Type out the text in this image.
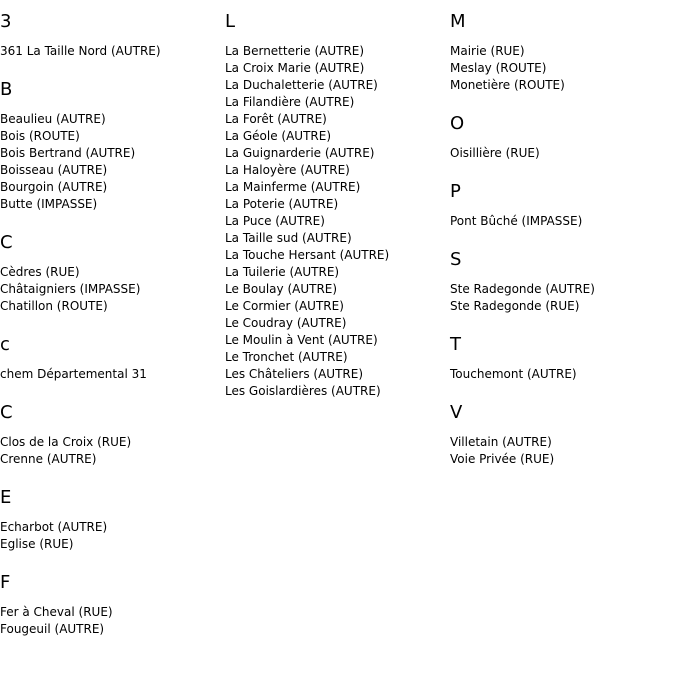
3
361 La Taille Nord (AUTRE)
B
Beaulieu (AUTRE)
Bois (ROUTE)
Bois Bertrand (AUTRE)
Boisseau (AUTRE)
Bourgoin (AUTRE)
Butte (IMPASSE)
C
Cèdres (RUE)
Châtaigniers (IMPASSE)
Chatillon (ROUTE)
c
chem Départemental 31
C
Clos de la Croix (RUE)
Crenne (AUTRE)
E
Echarbot (AUTRE)
Eglise (RUE)
F
Fer à Cheval (RUE)
Fougeuil (AUTRE)
L
La Bernetterie (AUTRE)
La Croix Marie (AUTRE)
La Duchaletterie (AUTRE)
La Filandière (AUTRE)
La Forêt (AUTRE)
La Géole (AUTRE)
La Guignarderie (AUTRE)
La Haloyère (AUTRE)
La Mainferme (AUTRE)
La Poterie (AUTRE)
La Puce (AUTRE)
La Taille sud (AUTRE)
La Touche Hersant (AUTRE)
La Tuilerie (AUTRE)
Le Boulay (AUTRE)
Le Cormier (AUTRE)
Le Coudray (AUTRE)
Le Moulin à Vent (AUTRE)
Le Tronchet (AUTRE)
Les Châteliers (AUTRE)
Les Goislardières (AUTRE)
M
Mairie (RUE)
Meslay (ROUTE)
Monetière (ROUTE)
O
Oisillière (RUE)
P
Pont Bûché (IMPASSE)
S
Ste Radegonde (AUTRE)
Ste Radegonde (RUE)
T
Touchemont (AUTRE)
V
Villetain (AUTRE)
Voie Privée (RUE)
